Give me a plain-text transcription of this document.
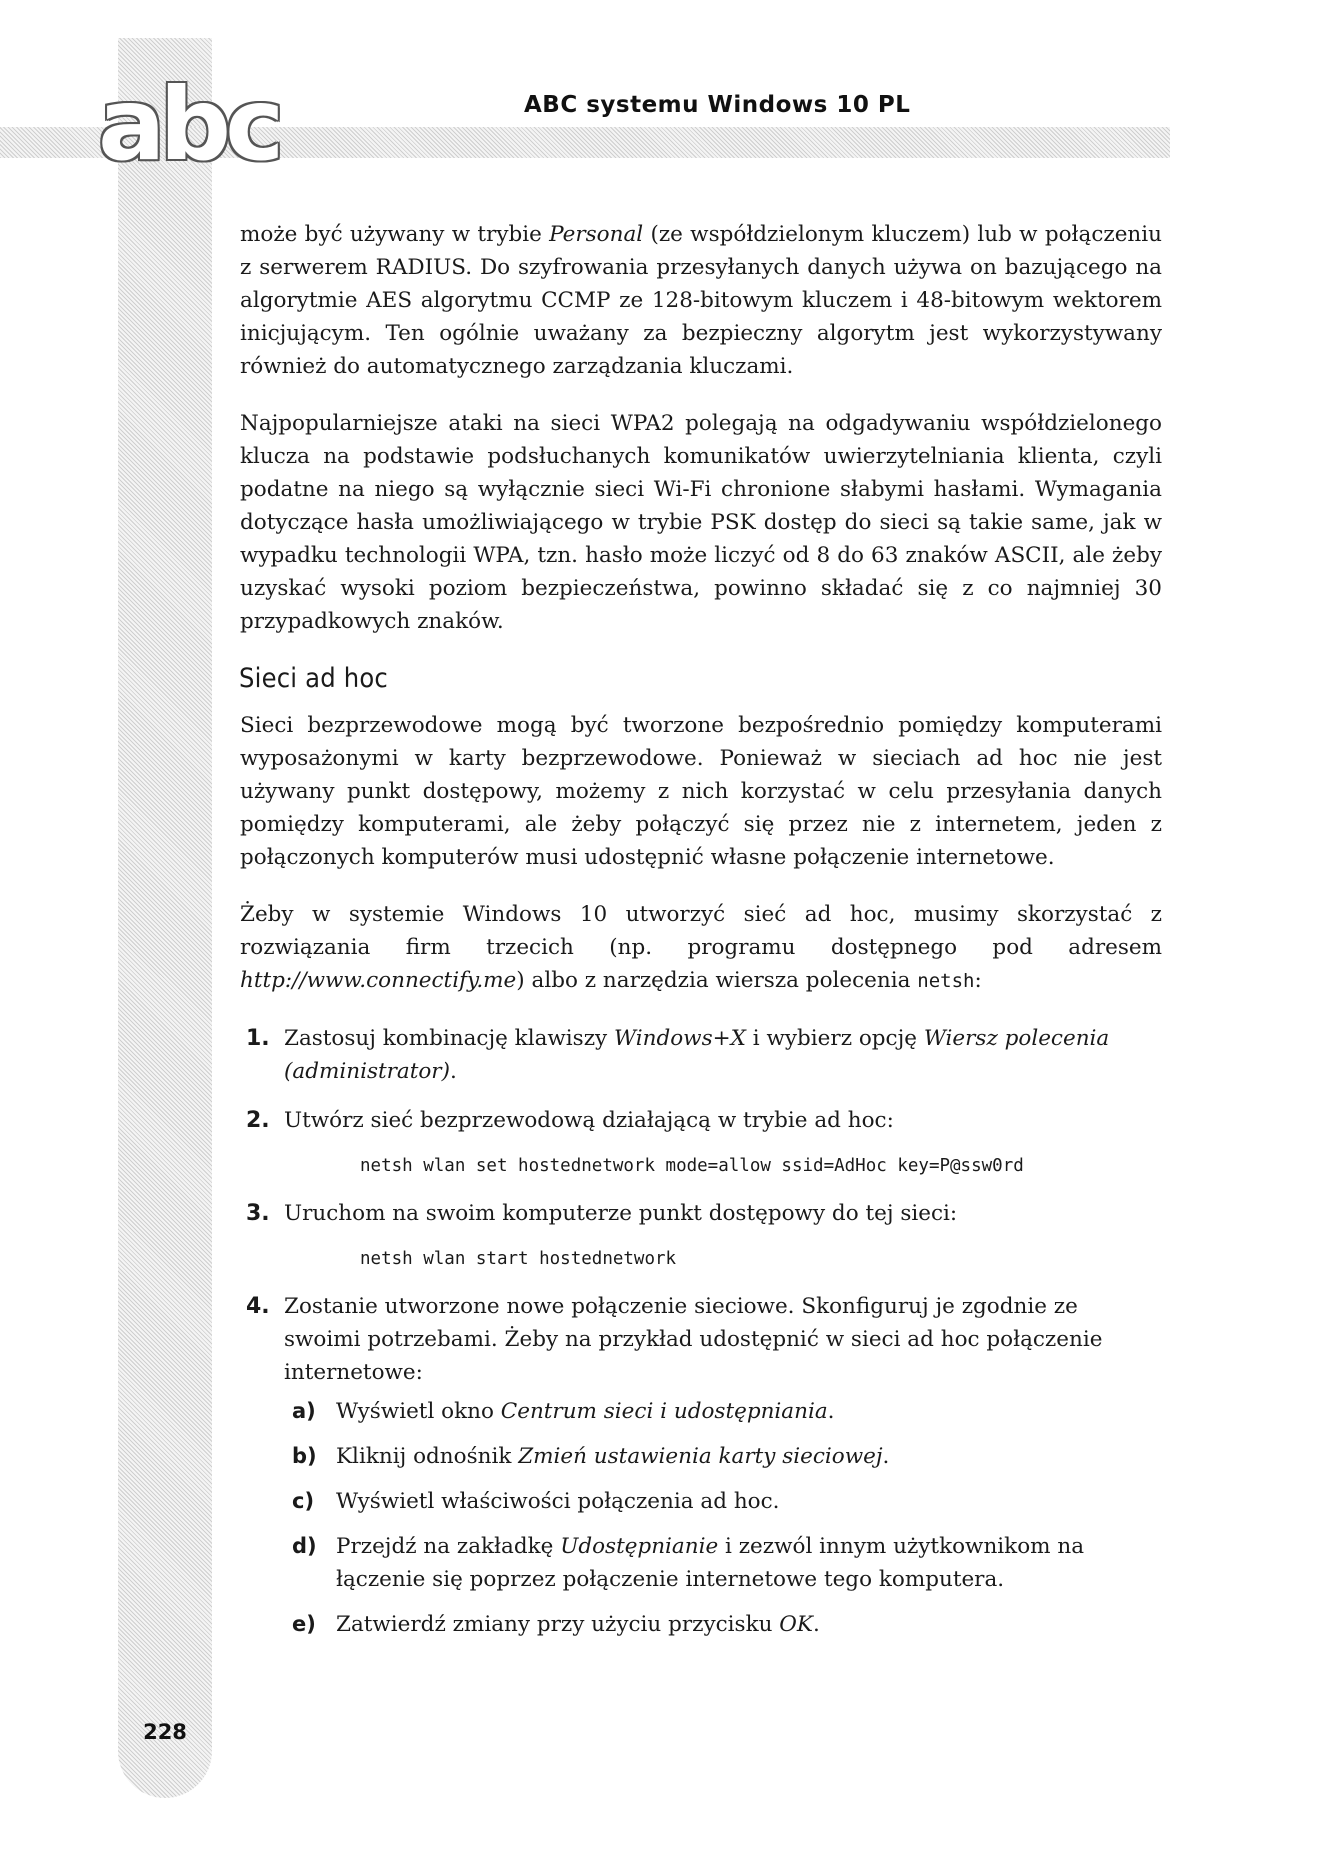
abc	ABC systemu Windows 10 PL

może być używany w trybie Personal (ze współdzielonym kluczem) lub w połączeniu z serwerem RADIUS. Do szyfrowania przesyłanych danych używa on bazującego na algorytmie AES algorytmu CCMP ze 128-bitowym kluczem i 48-bitowym wektorem inicjującym. Ten ogólnie uważany za bezpieczny algorytm jest wykorzystywany również do automatycznego zarządzania kluczami.

Najpopularniejsze ataki na sieci WPA2 polegają na odgadywaniu współdzielonego klucza na podstawie podsłuchanych komunikatów uwierzytelniania klienta, czyli podatne na niego są wyłącznie sieci Wi-Fi chronione słabymi hasłami. Wymagania dotyczące hasła umożliwiającego w trybie PSK dostęp do sieci są takie same, jak w wypadku technologii WPA, tzn. hasło może liczyć od 8 do 63 znaków ASCII, ale żeby uzyskać wysoki poziom bezpieczeństwa, powinno składać się z co najmniej 30 przypadkowych znaków.

Sieci ad hoc

Sieci bezprzewodowe mogą być tworzone bezpośrednio pomiędzy komputerami wyposażonymi w karty bezprzewodowe. Ponieważ w sieciach ad hoc nie jest używany punkt dostępowy, możemy z nich korzystać w celu przesyłania danych pomiędzy komputerami, ale żeby połączyć się przez nie z internetem, jeden z połączonych komputerów musi udostępnić własne połączenie internetowe.

Żeby w systemie Windows 10 utworzyć sieć ad hoc, musimy skorzystać z rozwiązania firm trzecich (np. programu dostępnego pod adresem http://www.connectify.me) albo z narzędzia wiersza polecenia netsh:

1. Zastosuj kombinację klawiszy Windows+X i wybierz opcję Wiersz polecenia (administrator).
2. Utwórz sieć bezprzewodową działającą w trybie ad hoc:
netsh wlan set hostednetwork mode=allow ssid=AdHoc key=P@ssw0rd
3. Uruchom na swoim komputerze punkt dostępowy do tej sieci:
netsh wlan start hostednetwork
4. Zostanie utworzone nowe połączenie sieciowe. Skonfiguruj je zgodnie ze swoimi potrzebami. Żeby na przykład udostępnić w sieci ad hoc połączenie internetowe:
a) Wyświetl okno Centrum sieci i udostępniania.
b) Kliknij odnośnik Zmień ustawienia karty sieciowej.
c) Wyświetl właściwości połączenia ad hoc.
d) Przejdź na zakładkę Udostępnianie i zezwól innym użytkownikom na łączenie się poprzez połączenie internetowe tego komputera.
e) Zatwierdź zmiany przy użyciu przycisku OK.
228
